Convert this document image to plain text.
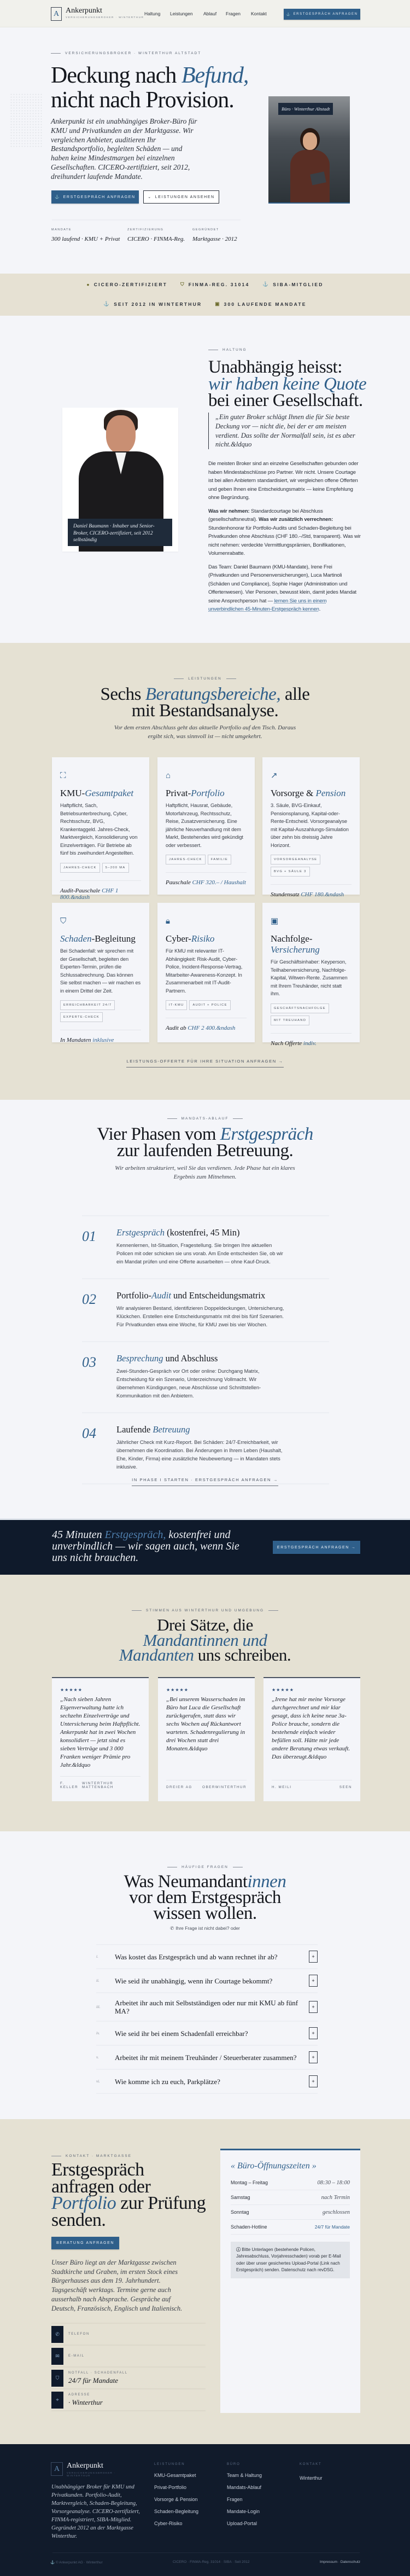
A Ankerpunkt
VERSICHERUNGSBROKER · WINTERTHUR
Haltung Leistungen Ablauf Fragen Kontakt	⚓ ERSTGESPRÄCH ANFRAGEN
VERSICHERUNGSBROKER · WINTERTHUR ALTSTADT
Deckung nach Befund, nicht nach Provision.

Ankerpunkt ist ein unabhängiges Broker-Büro für KMU und Privatkunden an der Marktgasse. Wir vergleichen Anbieter, auditieren Ihr Bestandsportfolio, begleiten Schäden — und haben keine Mindestmargen bei einzelnen Gesellschaften. CICERO-zertifiziert, seit 2012, dreihundert laufende Mandate.

⚓ ERSTGESPRÄCH ANFRAGEN	⌄ LEISTUNGEN ANSEHEN
MANDATE
300 laufend · KMU + Privat
ZERTIFIZIERUNG
CICERO · FINMA-Reg.
GEGRÜNDET
Marktgasse · 2012
Büro · Winterthur Altstadt
● CICERO-ZERTIFIZIERT	⛉ FINMA-REG. 31014	⚓ SIBA-MITGLIED
⚓ SEIT 2012 IN WINTERTHUR	▣ 300 LAUFENDE MANDATE
Daniel Baumann · Inhaber und Senior-Broker, CICERO-zertifiziert, seit 2012 selbständig
HALTUNG
Unabhängig heisst: wir haben keine Quote bei einer Gesellschaft.
„Ein guter Broker schlägt Ihnen die für Sie beste Deckung vor — nicht die, bei der er am meisten verdient. Das sollte der Normalfall sein, ist es aber nicht.&ldquo

Die meisten Broker sind an einzelne Gesellschaften gebunden oder haben Mindestabschlüsse pro Partner. Wir nicht. Unsere Courtage ist bei allen Anbietern standardisiert, wir vergleichen offene Offerten und geben Ihnen eine Entscheidungsmatrix — keine Empfehlung ohne Begründung.

Was wir nehmen: Standardcourtage bei Abschluss (gesellschaftsneutral). Was wir zusätzlich verrechnen: Stundenhonorar für Portfolio-Audits und Schaden-Begleitung bei Privatkunden ohne Abschluss (CHF 180.–/Std, transparent). Was wir nicht nehmen: verdeckte Vermittlungsprämien, Bonifikationen, Volumenrabatte.

Das Team: Daniel Baumann (KMU-Mandate), Irene Frei (Privatkunden und Personenversicherungen), Luca Martinoli (Schäden und Compliance), Sophie Hager (Administration und Offertenwesen). Vier Personen, bewusst klein, damit jedes Mandat seine Ansprechperson hat — lernen Sie uns in einem unverbindlichen 45-Minuten-Erstgespräch kennen.

LEISTUNGEN
Sechs Beratungsbereiche, alle mit Bestandsanalyse.

Vor dem ersten Abschluss geht das aktuelle Portfolio auf den Tisch. Daraus ergibt sich, was sinnvoll ist — nicht umgekehrt.

⛶
KMU-Gesamtpaket
Haftpflicht, Sach, Betriebsunterbrechung, Cyber, Rechtsschutz, BVG, Krankentaggeld. Jahres-Check, Marktvergleich, Konsolidierung von Einzelverträgen. Für Betriebe ab fünf bis zweihundert Angestellten.
JAHRES-CHECK	5–200 MA
Audit-Pauschale CHF 1 800.&ndash
⌂
Privat-Portfolio
Haftpflicht, Hausrat, Gebäude, Motorfahrzeug, Rechtsschutz, Reise, Zusatzversicherung. Eine jährliche Neuverhandlung mit dem Markt, Bestehendes wird gekündigt oder verbessert.
JAHRES-CHECK	FAMILIE
Pauschale CHF 320.– / Haushalt
↗
Vorsorge & Pension
3. Säule, BVG-Einkauf, Pensionsplanung, Kapital-oder-Rente-Entscheid. Vorsorgeanalyse mit Kapital-Auszahlungs-Simulation über zehn bis dreissig Jahre Horizont.
VORSORGEANALYSE
BVG + SÄULE 3
Stundensatz CHF 180.&ndash
⛉
Schaden-Begleitung
Bei Schadenfall: wir sprechen mit der Gesellschaft, begleiten den Experten-Termin, prüfen die Schlussabrechnung. Das können Sie selbst machen — wir machen es in einem Drittel der Zeit.
ERREICHBARKEIT 24/7
EXPERTE-CHECK
In Mandaten inklusive
🔒︎
Cyber-Risiko
Für KMU mit relevanter IT-Abhängigkeit: Risk-Audit, Cyber-Police, Incident-Response-Vertrag, Mitarbeiter-Awareness-Konzept. In Zusammenarbeit mit IT-Audit-Partnern.
IT-KMU	AUDIT + POLICE
Audit ab CHF 2 400.&ndash
▣
Nachfolge-Versicherung
Für Geschäftsinhaber: Keyperson, Teilhaberversicherung, Nachfolge-Kapital, Witwen-Rente. Zusammen mit Ihrem Treuhänder, nicht statt ihm.
GESCHÄFTSNACHFOLGE
MIT TREUHAND
Nach Offerte indiv.
LEISTUNGS-OFFERTE FÜR IHRE SITUATION ANFRAGEN →
MANDATS-ABLAUF
Vier Phasen vom Erstgespräch zur laufenden Betreuung.

Wir arbeiten strukturiert, weil Sie das verdienen. Jede Phase hat ein klares Ergebnis zum Mitnehmen.

01 Erstgespräch (kostenfrei, 45 Min)
Kennenlernen, Ist-Situation, Fragestellung. Sie bringen Ihre aktuellen Policen mit oder schicken sie uns vorab. Am Ende entscheiden Sie, ob wir ein Mandat prüfen und eine Offerte ausarbeiten — ohne Kauf-Druck.
02 Portfolio-Audit und Entscheidungsmatrix
Wir analysieren Bestand, identifizieren Doppeldeckungen, Untersicherung, Klückchen. Erstellen eine Entscheidungsmatrix mit drei bis fünf Szenarien. Für Privatkunden etwa eine Woche, für KMU zwei bis vier Wochen.
03 Besprechung und Abschluss
Zwei-Stunden-Gespräch vor Ort oder online: Durchgang Matrix, Entscheidung für ein Szenario, Unterzeichnung Vollmacht. Wir übernehmen Kündigungen, neue Abschlüsse und Schnittstellen-Kommunikation mit den Anbietern.
04 Laufende Betreuung
Jährlicher Check mit Kurz-Report. Bei Schäden: 24/7-Erreichbarkeit, wir übernehmen die Koordination. Bei Änderungen in Ihrem Leben (Haushalt, Ehe, Kinder, Firma) eine zusätzliche Neubewertung — in Mandaten stets inklusive.
IN PHASE I STARTEN · ERSTGESPRÄCH ANFRAGEN →

45 Minuten Erstgespräch, kostenfrei und unverbindlich — wir sagen auch, wenn Sie uns nicht brauchen.

ERSTGESPRÄCH ANFRAGEN →
STIMMEN AUS WINTERTHUR UND UMGEBUNG
Drei Sätze, die Mandantinnen und Mandanten uns schreiben.
★★★★★
„Nach sieben Jahren Eigenverwaltung hatte ich sechzehn Einzelverträge und Untersicherung beim Haftpflicht. Ankerpunkt hat in zwei Wochen konsolidiert — jetzt sind es sieben Verträge und 3 000 Franken weniger Prämie pro Jahr.&ldquo
F. KELLER
WINTERTHUR MATTENBACH
★★★★★
„Bei unserem Wasserschaden im Büro hat Luca die Gesellschaft zurückgerufen, statt dass wir sechs Wochen auf Rückantwort warteten. Schadenregulierung in drei Wochen statt drei Monaten.&ldquo
DREIER AG	OBERWINTERTHUR
★★★★★
„Irene hat mir meine Vorsorge durchgerechnet und mir klar gesagt, dass ich keine neue 3a-Police brauche, sondern die bestehende einfach wieder befüllen soll. Hätte mir jede andere Beratung etwas verkauft. Das überzeugt.&ldquo
H. MEILI	SEEN
HÄUFIGE FRAGEN
Was Neumandantinnen vor dem Erstgespräch wissen wollen.
✆ Ihre Frage ist nicht dabei? oder
i.	Was kostet das Erstgespräch und ab wann rechnet ihr ab?	+
ii.	Wie seid ihr unabhängig, wenn ihr Courtage bekommt?	+
iii.	Arbeitet ihr auch mit Selbstständigen oder nur mit KMU ab fünf MA?	+
iv.	Wie seid ihr bei einem Schadenfall erreichbar?	+
v.	Arbeitet ihr mit meinem Treuhänder / Steuerberater zusammen?	+
vi.	Wie komme ich zu euch, Parkplätze?	+
KONTAKT · MARKTGASSE
Erstgespräch anfragen oder Portfolio zur Prüfung senden.
BERATUNG ANFRAGEN

Unser Büro liegt an der Marktgasse zwischen Stadtkirche und Graben, im ersten Stock eines Bürgerhauses aus dem 19. Jahrhundert. Tagsgeschäft werktags. Termine gerne auch ausserhalb nach Absprache. Gespräche auf Deutsch, Französisch, Englisch und Italienisch.

✆	TELEFON
✉	E-MAIL
⛉
NOTFALL · SCHADENFALL
24/7 für Mandate
⌖
ADRESSE
· Winterthur
« Büro-Öffnungszeiten »
Montag – Freitag	08:30 – 18:00
Samstag	nach Termin
Sonntag	geschlossen
Schaden-Hotline	24/7 für Mandate
ⓘ Bitte Unterlagen (bestehende Policen, Jahresabschluss, Vorjahresschaden) vorab per E-Mail oder über unser gesichertes Upload-Portal (Link nach Erstgespräch) senden. Datenschutz nach revDSG.
A Ankerpunkt
VERSICHERUNGSBROKER · WINTERTHUR

Unabhängiger Broker für KMU und Privatkunden. Portfolio-Audit, Marktvergleich, Schaden-Begleitung, Vorsorgeanalyse. CICERO-zertifiziert, FINMA-registriert, SIBA-Mitglied. Gegründet 2012 an der Marktgasse Winterthur.

LEISTUNGEN
KMU-Gesamtpaket
Privat-Portfolio
Vorsorge & Pension
Schaden-Begleitung
Cyber-Risiko
BÜRO
Team & Haltung
Mandats-Ablauf
Fragen
Mandate-Login
Upload-Portal
KONTAKT
Winterthur
⚓ © Ankerpunkt AG · Winterthur	CICERO · FINMA-Reg. 31014 · SIBA · Seit 2012	Impressum · Datenschutz
